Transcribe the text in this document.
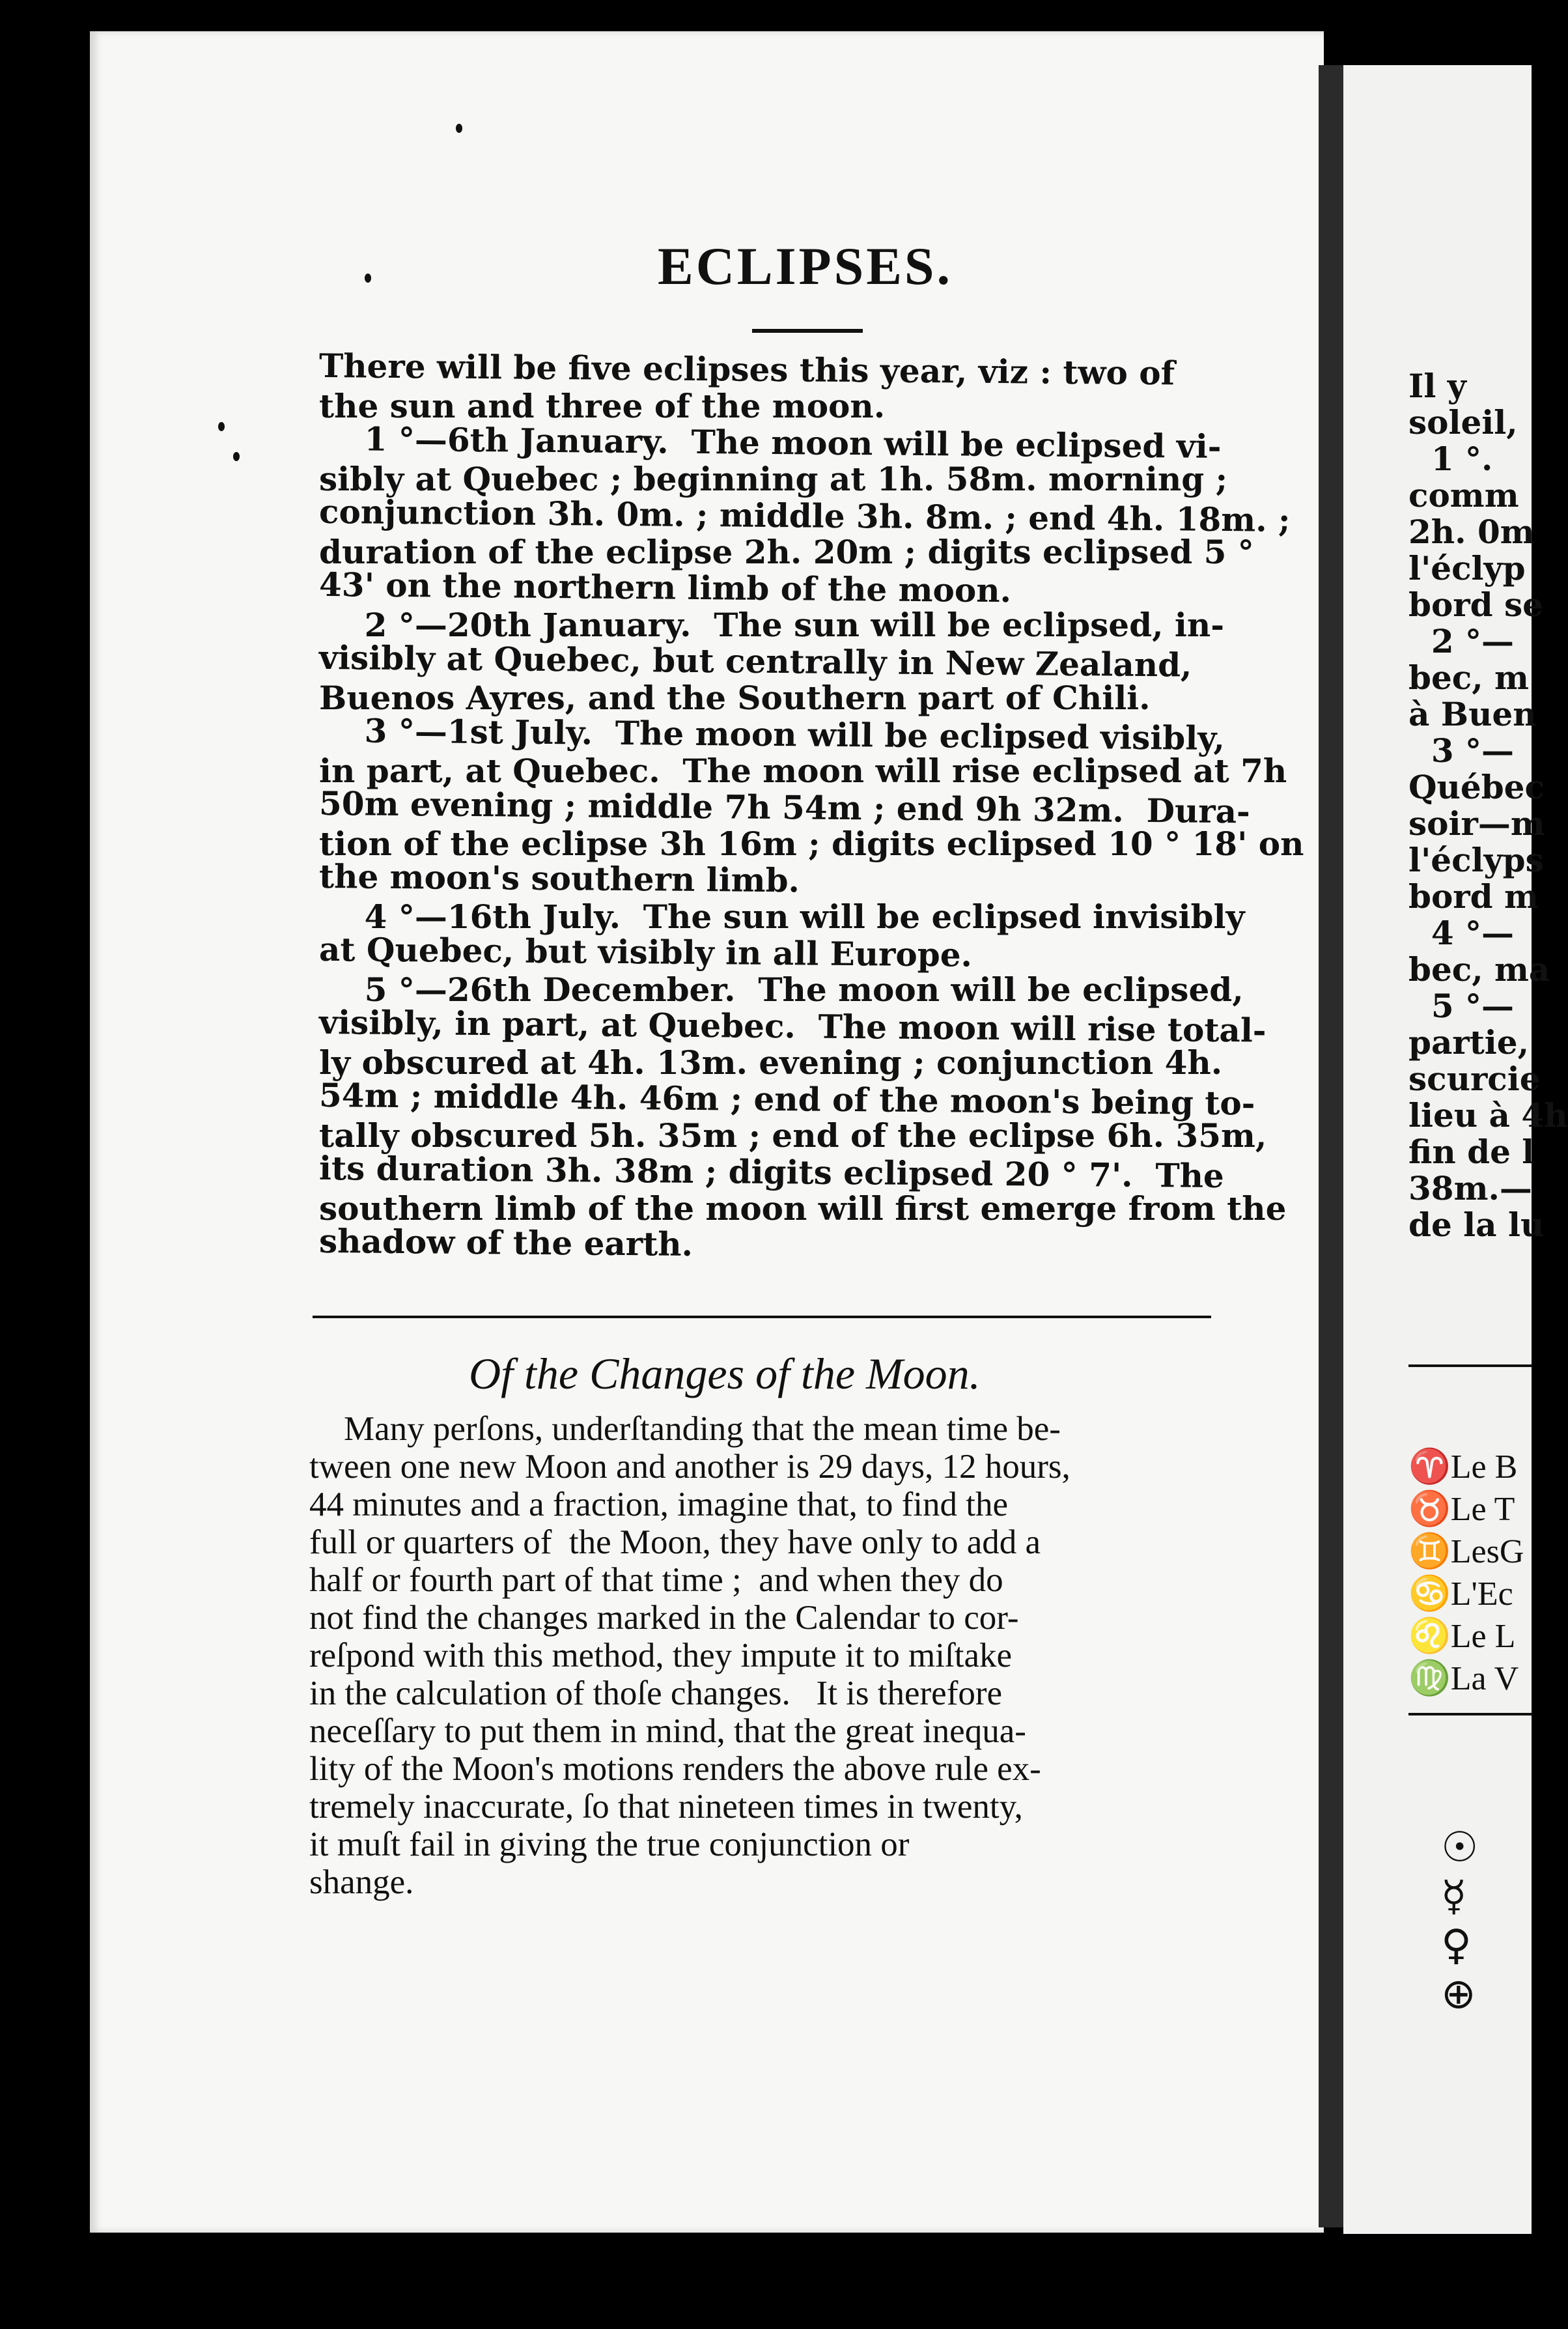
Il y
soleil,
1 °.
comm
2h. 0m
l'éclyp
bord se
2 °—
bec, m
à Buen
3 °—
Québec
soir—m
l'éclyps
bord m
4 °—
bec, ma
5 °—
partie,
scurcie
lieu à 4h
fin de l
38m.—
de la lu
♈Le B
♉Le T
♊LesG
♋L'Ec
♌Le L
♍La V
☉
☿
♀
⊕
ECLIPSES.
There will be five eclipses this year, viz : two of
the sun and three of the moon.
1 °—6th January.  The moon will be eclipsed vi-
sibly at Quebec ; beginning at 1h. 58m. morning ;
conjunction 3h. 0m. ; middle 3h. 8m. ; end 4h. 18m. ;
duration of the eclipse 2h. 20m ; digits eclipsed 5 °
43' on the northern limb of the moon.
2 °—20th January.  The sun will be eclipsed, in-
visibly at Quebec, but centrally in New Zealand,
Buenos Ayres, and the Southern part of Chili.
3 °—1st July.  The moon will be eclipsed visibly,
in part, at Quebec.  The moon will rise eclipsed at 7h
50m evening ; middle 7h 54m ; end 9h 32m.  Dura-
tion of the eclipse 3h 16m ; digits eclipsed 10 ° 18' on
the moon's southern limb.
4 °—16th July.  The sun will be eclipsed invisibly
at Quebec, but visibly in all Europe.
5 °—26th December.  The moon will be eclipsed,
visibly, in part, at Quebec.  The moon will rise total-
ly obscured at 4h. 13m. evening ; conjunction 4h.
54m ; middle 4h. 46m ; end of the moon's being to-
tally obscured 5h. 35m ; end of the eclipse 6h. 35m,
its duration 3h. 38m ; digits eclipsed 20 ° 7'.  The
southern limb of the moon will first emerge from the
shadow of the earth.
Of the Changes of the Moon.
Many perſons, underſtanding that the mean time be-
tween one new Moon and another is 29 days, 12 hours,
44 minutes and a fraction, imagine that, to find the
full or quarters of  the Moon, they have only to add a
half or fourth part of that time ;  and when they do
not find the changes marked in the Calendar to cor-
reſpond with this method, they impute it to miſtake
in the calculation of thoſe changes.   It is therefore
neceſſary to put them in mind, that the great inequa-
lity of the Moon's motions renders the above rule ex-
tremely inaccurate, ſo that nineteen times in twenty,
it muſt fail in giving the true conjunction or
shange.
